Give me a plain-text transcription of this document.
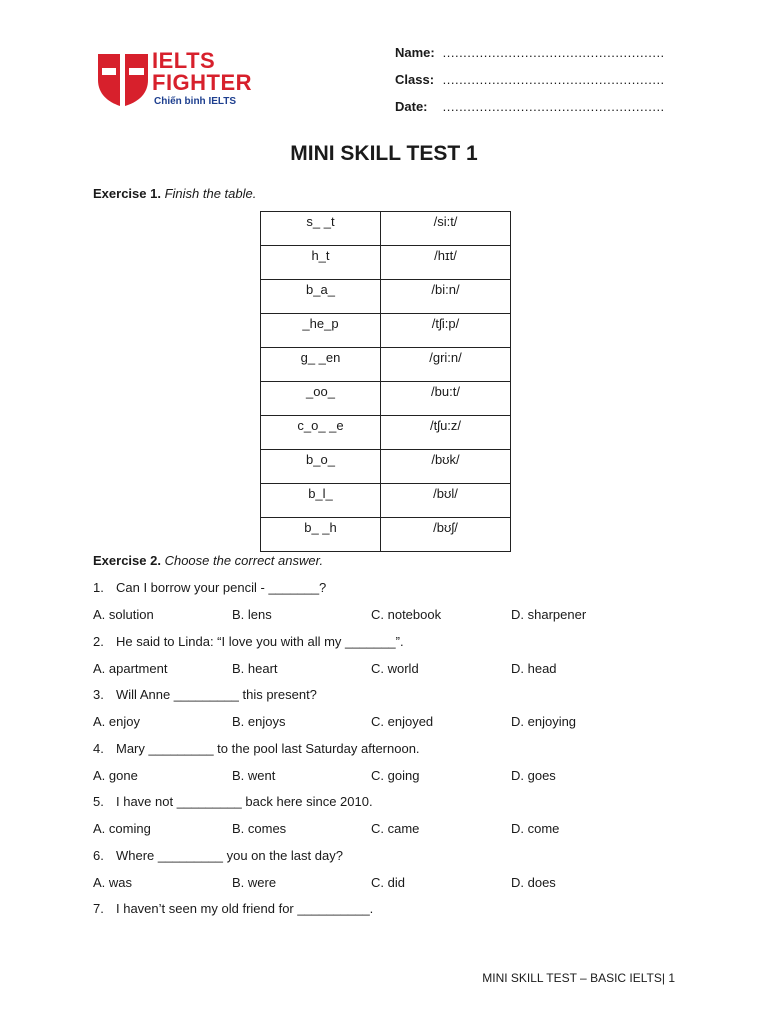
IELTS
FIGHTER
Chiến binh IELTS
Name: ......................................................
Class: ......................................................
Date: ......................................................
MINI SKILL TEST 1
Exercise 1. Finish the table.
s_ _t	/si:t/
h_t	/hɪt/
b_a_	/bi:n/
_he_p	/tʃi:p/
g_ _en	/gri:n/
_oo_	/bu:t/
c_o_ _e	/tʃu:z/
b_o_	/bʊk/
b_l_	/bʊl/
b_ _h	/bʊʃ/
Exercise 2. Choose the correct answer.
1. Can I borrow your pencil - _______?
A. solution	B. lens	C. notebook	D. sharpener
2. He said to Linda: “I love you with all my _______”.
A. apartment	B. heart	C. world	D. head
3. Will Anne _________ this present?
A. enjoy	B. enjoys	C. enjoyed	D. enjoying
4. Mary _________ to the pool last Saturday afternoon.
A. gone	B. went	C. going	D. goes
5. I have not _________ back here since 2010.
A. coming	B. comes	C. came	D. come
6. Where _________ you on the last day?
A. was	B. were	C. did	D. does
7. I haven’t seen my old friend for __________.
MINI SKILL TEST – BASIC IELTS| 1
